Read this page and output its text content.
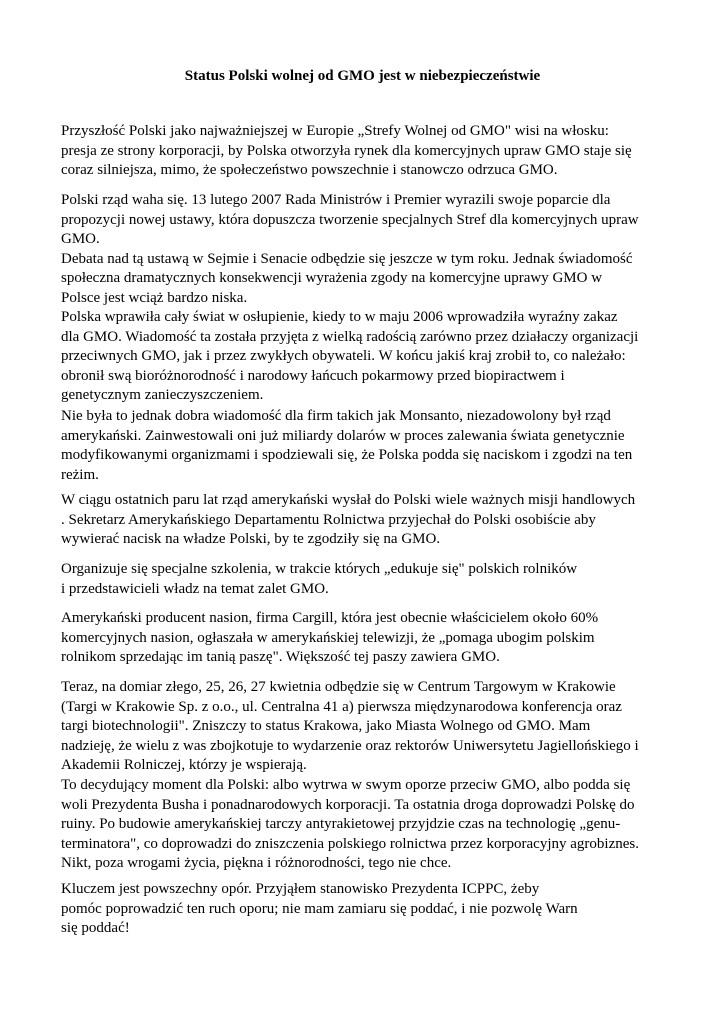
Status Polski wolnej od GMO jest w niebezpieczeństwie
Przyszłość Polski jako najważniejszej w Europie „Strefy Wolnej od GMO" wisi na włosku:
presja ze strony korporacji, by Polska otworzyła rynek dla komercyjnych upraw GMO staje się
coraz silniejsza, mimo, że społeczeństwo powszechnie i stanowczo odrzuca GMO.
Polski rząd waha się. 13 lutego 2007 Rada Ministrów i Premier wyrazili swoje poparcie dla
propozycji nowej ustawy, która dopuszcza tworzenie specjalnych Stref dla komercyjnych upraw
GMO.
Debata nad tą ustawą w Sejmie i Senacie odbędzie się jeszcze w tym roku. Jednak świadomość
społeczna dramatycznych konsekwencji wyrażenia zgody na komercyjne uprawy GMO w
Polsce jest wciąż bardzo niska.
Polska wprawiła cały świat w osłupienie, kiedy to w maju 2006 wprowadziła wyraźny zakaz
dla GMO. Wiadomość ta została przyjęta z wielką radością zarówno przez działaczy organizacji
przeciwnych GMO, jak i przez zwykłych obywateli. W końcu jakiś kraj zrobił to, co należało:
obronił swą bioróżnorodność i narodowy łańcuch pokarmowy przed biopiractwem i
genetycznym zanieczyszczeniem.
Nie była to jednak dobra wiadomość dla firm takich jak Monsanto, niezadowolony był rząd
amerykański. Zainwestowali oni już miliardy dolarów w proces zalewania świata genetycznie
modyfikowanymi organizmami i spodziewali się, że Polska podda się naciskom i zgodzi na ten
reżim.
W ciągu ostatnich paru lat rząd amerykański wysłał do Polski wiele ważnych misji handlowych
. Sekretarz Amerykańskiego Departamentu Rolnictwa przyjechał do Polski osobiście aby
wywierać nacisk na władze Polski, by te zgodziły się na GMO.
Organizuje się specjalne szkolenia, w trakcie których „edukuje się" polskich rolników
i przedstawicieli władz na temat zalet GMO.
Amerykański producent nasion, firma Cargill, która jest obecnie właścicielem około 60%
komercyjnych nasion, ogłaszała w amerykańskiej telewizji, że „pomaga ubogim polskim
rolnikom sprzedając im tanią paszę". Większość tej paszy zawiera GMO.
Teraz, na domiar złego, 25, 26, 27 kwietnia odbędzie się w Centrum Targowym w Krakowie
(Targi w Krakowie Sp. z o.o., ul. Centralna 41 a) pierwsza międzynarodowa konferencja oraz
targi biotechnologii". Zniszczy to status Krakowa, jako Miasta Wolnego od GMO. Mam
nadzieję, że wielu z was zbojkotuje to wydarzenie oraz rektorów Uniwersytetu Jagiellońskiego i
Akademii Rolniczej, którzy je wspierają.
To decydujący moment dla Polski: albo wytrwa w swym oporze przeciw GMO, albo podda się
woli Prezydenta Busha i ponadnarodowych korporacji. Ta ostatnia droga doprowadzi Polskę do
ruiny. Po budowie amerykańskiej tarczy antyrakietowej przyjdzie czas na technologię „genu-
terminatora", co doprowadzi do zniszczenia polskiego rolnictwa przez korporacyjny agrobiznes.
Nikt, poza wrogami życia, piękna i różnorodności, tego nie chce.
Kluczem jest powszechny opór. Przyjąłem stanowisko Prezydenta ICPPC, żeby
pomóc poprowadzić ten ruch oporu; nie mam zamiaru się poddać, i nie pozwolę Warn
się poddać!
